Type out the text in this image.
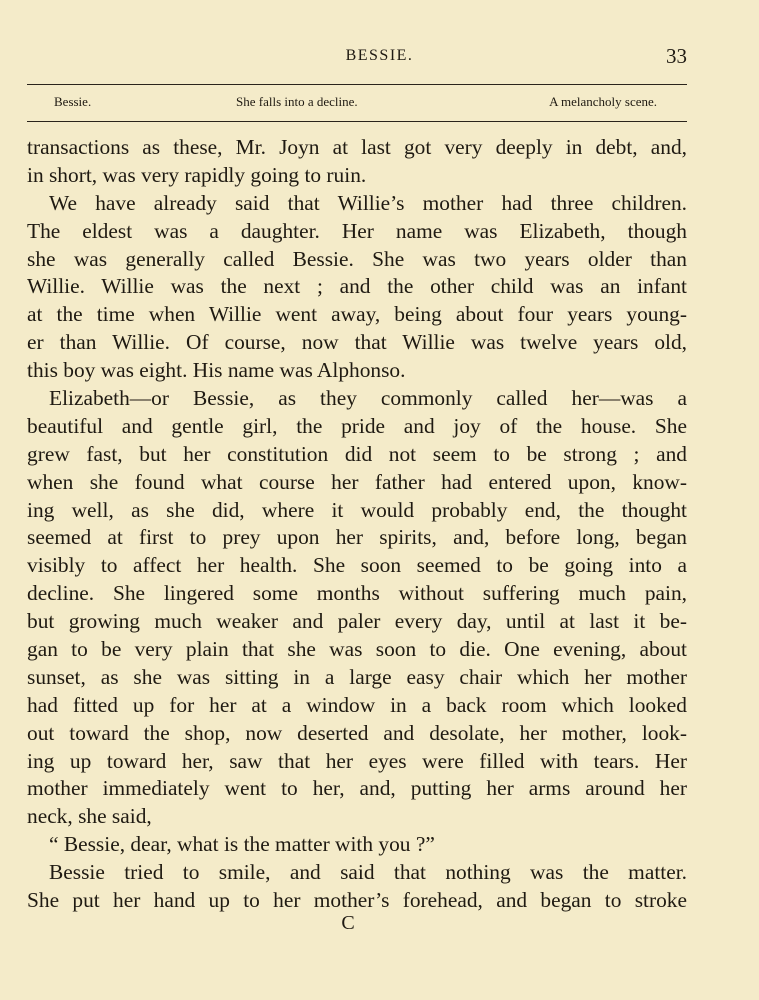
BESSIE.	33
Bessie.	She falls into a decline.	A melancholy scene.
transactions as these, Mr. Joyn at last got very deeply in debt, and,
in short, was very rapidly going to ruin.
We have already said that Willie’s mother had three children.
The eldest was a daughter. Her name was Elizabeth, though
she was generally called Bessie. She was two years older than
Willie. Willie was the next ; and the other child was an infant
at the time when Willie went away, being about four years young-
er than Willie. Of course, now that Willie was twelve years old,
this boy was eight. His name was Alphonso.
Elizabeth—or Bessie, as they commonly called her—was a
beautiful and gentle girl, the pride and joy of the house. She
grew fast, but her constitution did not seem to be strong ; and
when she found what course her father had entered upon, know-
ing well, as she did, where it would probably end, the thought
seemed at first to prey upon her spirits, and, before long, began
visibly to affect her health. She soon seemed to be going into a
decline. She lingered some months without suffering much pain,
but growing much weaker and paler every day, until at last it be-
gan to be very plain that she was soon to die. One evening, about
sunset, as she was sitting in a large easy chair which her mother
had fitted up for her at a window in a back room which looked
out toward the shop, now deserted and desolate, her mother, look-
ing up toward her, saw that her eyes were filled with tears. Her
mother immediately went to her, and, putting her arms around her
neck, she said,
“ Bessie, dear, what is the matter with you ?”
Bessie tried to smile, and said that nothing was the matter.
She put her hand up to her mother’s forehead, and began to stroke
C
